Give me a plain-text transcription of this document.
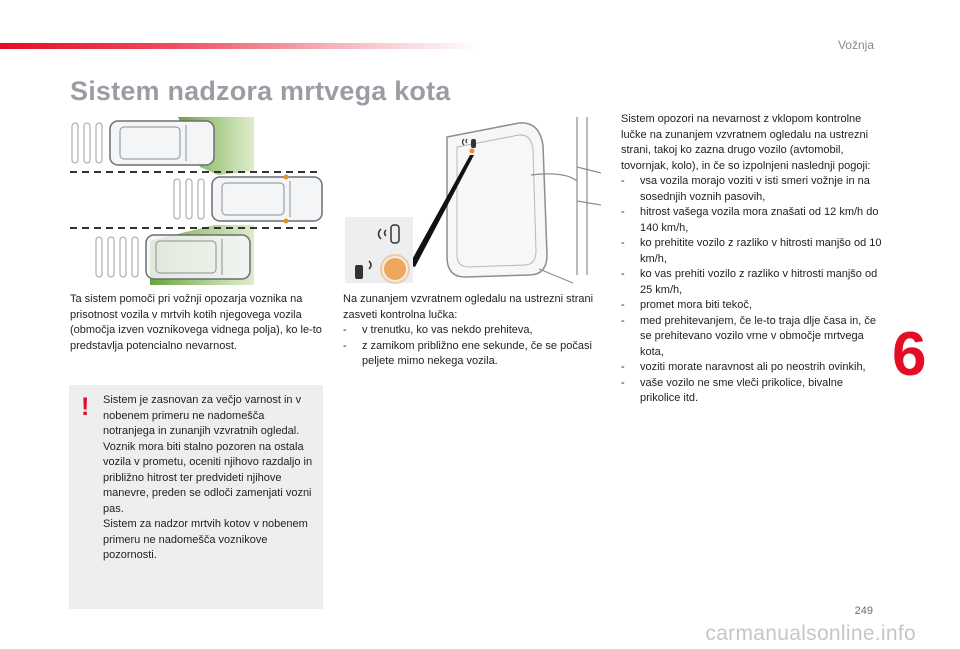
Vožnja
Sistem nadzora mrtvega kota

Ta sistem pomoči pri vožnji opozarja voznika na prisotnost vozila v mrtvih kotih njegovega vozila (območja izven voznikovega vidnega polja), ko le-to predstavlja potencialno nevarnost.

Na zunanjem vzvratnem ogledalu na ustrezni strani zasveti kontrolna lučka:

- v trenutku, ko vas nekdo prehiteva,
- z zamikom približno ene sekunde, če se počasi peljete mimo nekega vozila.

Sistem opozori na nevarnost z vklopom kontrolne lučke na zunanjem vzvratnem ogledalu na ustrezni strani, takoj ko zazna drugo vozilo (avtomobil, tovornjak, kolo), in če so izpolnjeni naslednji pogoji:

- vsa vozila morajo voziti v isti smeri vožnje in na sosednjih voznih pasovih,
- hitrost vašega vozila mora znašati od 12 km/h do 140 km/h,
- ko prehitite vozilo z razliko v hitrosti manjšo od 10 km/h,
- ko vas prehiti vozilo z razliko v hitrosti manjšo od 25 km/h,
- promet mora biti tekoč,
- med prehitevanjem, če le-to traja dlje časa in, če se prehitevano vozilo vrne v območje mrtvega kota,
- voziti morate naravnost ali po neostrih ovinkih,
- vaše vozilo ne sme vleči prikolice, bivalne prikolice itd.
! Sistem je zasnovan za večjo varnost in v nobenem primeru ne nadomešča notranjega in zunanjih vzvratnih ogledal. Voznik mora biti stalno pozoren na ostala vozila v prometu, oceniti njihovo razdaljo in približno hitrost ter predvideti njihove manevre, preden se odloči zamenjati vozni pas.

Sistem za nadzor mrtvih kotov v nobenem primeru ne nadomešča voznikove pozornosti.

6
249
carmanualsonline.info
